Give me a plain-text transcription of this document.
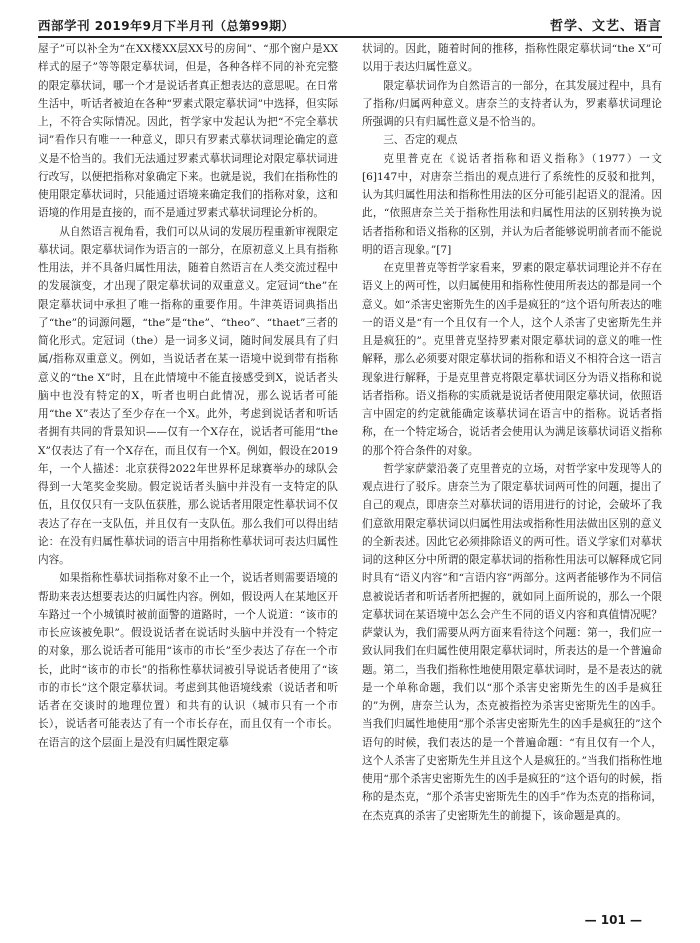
西部学刊 2019年9月下半月刊（总第99期）	哲学、文艺、语言

屋子”可以补全为“在XX楼XX层XX号的房间”、“那个窗户是XX样式的屋子”等等限定摹状词，但是，各种各样不同的补充完整的限定摹状词，哪一个才是说话者真正想表达的意思呢。在日常生活中，听话者被迫在各种“罗素式限定摹状词”中选择，但实际上，不符合实际情况。因此，哲学家中发起认为把“不完全摹状词”看作只有唯一一种意义，即只有罗素式摹状词理论确定的意义是不恰当的。我们无法通过罗素式摹状词理论对限定摹状词进行改写，以便把指称对象确定下来。也就是说，我们在指称性的使用限定摹状词时，只能通过语境来确定我们的指称对象，这和语境的作用是直接的，而不是通过罗素式摹状词理论分析的。

从自然语言视角看，我们可以从词的发展历程重新审视限定摹状词。限定摹状词作为语言的一部分，在原初意义上具有指称性用法，并不具备归属性用法，随着自然语言在人类交流过程中的发展演变，才出现了限定摹状词的双重意义。定冠词“the”在限定摹状词中承担了唯一指称的重要作用。牛津英语词典指出了“the”的词源问题，“the”是“the”、“theo”、“thaet”三者的简化形式。定冠词（the）是一词多义词，随时间发展具有了归属/指称双重意义。例如，当说话者在某一语境中说到带有指称意义的“the X”时，且在此情境中不能直接感受到X，说话者头脑中也没有特定的X，听者也明白此情况，那么说话者可能用“the X”表达了至少存在一个X。此外，考虑到说话者和听话者拥有共同的背景知识——仅有一个X存在，说话者可能用“the X”仅表达了有一个X存在，而且仅有一个X。例如，假设在2019年，一个人描述：北京获得2022年世界杯足球赛举办的球队会得到一大笔奖金奖励。假定说话者头脑中并没有一支特定的队伍，且仅仅只有一支队伍获胜，那么说话者用限定性摹状词不仅表达了存在一支队伍，并且仅有一支队伍。那么我们可以得出结论：在没有归属性摹状词的语言中用指称性摹状词可表达归属性内容。

如果指称性摹状词指称对象不止一个，说话者则需要语境的帮助来表达想要表达的归属性内容。例如，假设两人在某地区开车路过一个小城镇时被前面警的道路时，一个人说道：“该市的市长应该被免职”。假设说话者在说话时头脑中并没有一个特定的对象，那么说话者可能用“该市的市长”至少表达了存在一个市长，此时“该市的市长”的指称性摹状词被引导说话者使用了“该市的市长”这个限定摹状词。考虑到其他语境线索（说话者和听话者在交谈时的地理位置）和共有的认识（城市只有一个市长），说话者可能表达了有一个市长存在，而且仅有一个市长。在语言的这个层面上是没有归属性限定摹

状词的。因此，随着时间的推移，指称性限定摹状词“the X”可以用于表达归属性意义。

限定摹状词作为自然语言的一部分，在其发展过程中，具有了指称/归属两种意义。唐奈兰的支持者认为，罗素摹状词理论所强调的只有归属性意义是不恰当的。

三、否定的观点

克里普克在《说话者指称和语义指称》（1977）一文[6]147中，对唐奈兰指出的观点进行了系统性的反驳和批判，认为其归属性用法和指称性用法的区分可能引起语义的混淆。因此，“依照唐奈兰关于指称性用法和归属性用法的区别转换为说话者指称和语义指称的区别，并认为后者能够说明前者而不能说明的语言现象。”[7]

在克里普克等哲学家看来，罗素的限定摹状词理论并不存在语义上的两可性，以归属使用和指称性使用所表达的都是同一个意义。如“杀害史密斯先生的凶手是疯狂的”这个语句所表达的唯一的语义是“有一个且仅有一个人，这个人杀害了史密斯先生并且是疯狂的”。克里普克坚持罗素对限定摹状词的意义的唯一性解释，那么必须要对限定摹状词的指称和语义不相符合这一语言现象进行解释，于是克里普克将限定摹状词区分为语义指称和说话者指称。语义指称的实质就是说话者使用限定摹状词，依照语言中固定的约定就能确定该摹状词在语言中的指称。说话者指称，在一个特定场合，说话者会使用认为满足该摹状词语义指称的那个符合条件的对象。

哲学家萨蒙沿袭了克里普克的立场，对哲学家中发现等人的观点进行了驳斥。唐奈兰为了限定摹状词两可性的问题，提出了自己的观点，即唐奈兰对摹状词的语用进行的讨论，会破坏了我们意欲用限定摹状词以归属性用法或指称性用法做出区别的意义的全新表述。因此它必须排除语义的两可性。语义学家们对摹状词的这种区分中所谓的限定摹状词的指称性用法可以解释成它同时具有“语义内容”和“言语内容”两部分。这两者能够作为不同信息被说话者和听话者所把握的，就如同上面所说的，那么一个限定摹状词在某语境中怎么会产生不同的语义内容和真值情况呢？萨蒙认为，我们需要从两方面来看待这个问题：第一，我们应一致认同我们在归属性使用限定摹状词时，所表达的是一个普遍命题。第二，当我们指称性地使用限定摹状词时，是不是表达的就是一个单称命题，我们以“那个杀害史密斯先生的凶手是疯狂的”为例，唐奈兰认为，杰克被指控为杀害史密斯先生的凶手。当我们归属性地使用“那个杀害史密斯先生的凶手是疯狂的”这个语句的时候，我们表达的是一个普遍命题：“有且仅有一个人，这个人杀害了史密斯先生并且这个人是疯狂的。”当我们指称性地使用“那个杀害史密斯先生的凶手是疯狂的”这个语句的时候，指称的是杰克，“那个杀害史密斯先生的凶手”作为杰克的指称词，在杰克真的杀害了史密斯先生的前提下，该命题是真的。

— 101 —
